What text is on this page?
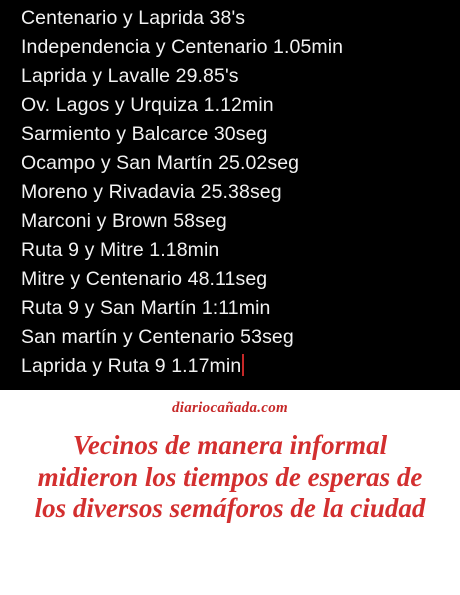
Centenario y Laprida 38's
Independencia y Centenario 1.05min
Laprida y Lavalle 29.85's
Ov. Lagos y Urquiza 1.12min
Sarmiento y Balcarce 30seg
Ocampo y San Martín 25.02seg
Moreno y Rivadavia 25.38seg
Marconi y Brown 58seg
Ruta 9 y Mitre 1.18min
Mitre y Centenario 48.11seg
Ruta 9 y San Martín 1:11min
San martín y Centenario 53seg
Laprida y Ruta 9 1.17min
diariocañada.com
Vecinos de manera informal midieron los tiempos de esperas de los diversos semáforos de la ciudad
